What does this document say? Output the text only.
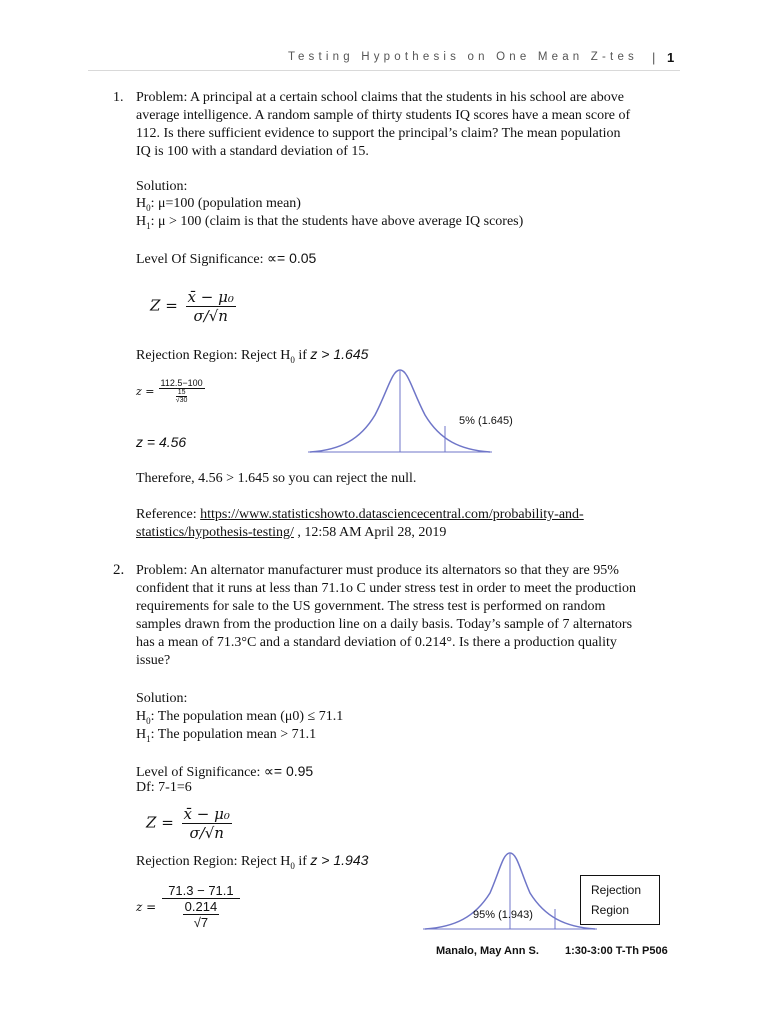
Testing Hypothesis on One Mean Z-tes | 1
1. Problem: A principal at a certain school claims that the students in his school are above
average intelligence. A random sample of thirty students IQ scores have a mean score of
112. Is there sufficient evidence to support the principal’s claim? The mean population
IQ is 100 with a standard deviation of 15.
Solution:
$H_0$: μ=100 (population mean)
$H_1$: μ > 100 (claim is that the students have above average IQ scores)
Level Of Significance: ∝= 0.05
$Z = \frac{\text{x̄ − μ₀}}{\sigma/√n}$
Rejection Region: Reject $H_0$ if z > 1.645
$z = \frac{112.5-100}{\frac{15}{√30}}$
z = 4.56
5% (1.645)
Therefore, 4.56 > 1.645 so you can reject the null.
Reference: https://www.statisticshowto.datasciencecentral.com/probability-and-
statistics/hypothesis-testing/ , 12:58 AM April 28, 2019
2. Problem: An alternator manufacturer must produce its alternators so that they are 95%
confident that it runs at less than 71.1o C under stress test in order to meet the production
requirements for sale to the US government. The stress test is performed on random
samples drawn from the production line on a daily basis. Today’s sample of 7 alternators
has a mean of 71.3°C and a standard deviation of 0.214°. Is there a production quality
issue?
Solution:
$H_0$: The population mean (μ0) ≤ 71.1
$H_1$: The population mean > 71.1
Level of Significance: ∝= 0.95
Df: 7-1=6
$Z = \frac{\text{x̄ − μ₀}}{\sigma/√n}$
Rejection Region: Reject $H_0$ if z > 1.943
$z = \frac{71.3 - 71.1}{\frac{0.214}{√7}}$	95% (1.943)
Rejection
Region
Manalo, May Ann S. 1:30-3:00 T-Th P506
